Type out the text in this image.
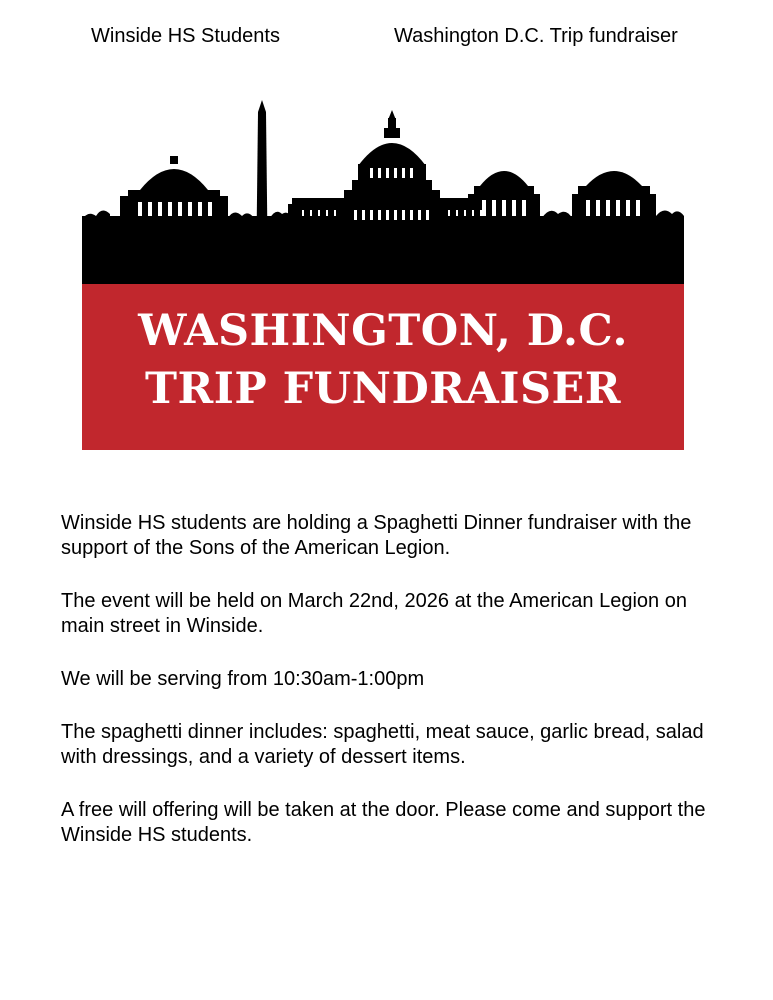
Winside HS Students	Washington D.C. Trip fundraiser
WASHINGTON, D.C.
TRIP FUNDRAISER

Winside HS students are holding a Spaghetti Dinner fundraiser with the support of the Sons of the American Legion.

The event will be held on March 22nd, 2026 at the American Legion on main street in Winside.

We will be serving from 10:30am-1:00pm

The spaghetti dinner includes: spaghetti, meat sauce, garlic bread, salad with dressings, and a variety of dessert items.

A free will offering will be taken at the door. Please come and support the Winside HS students.
